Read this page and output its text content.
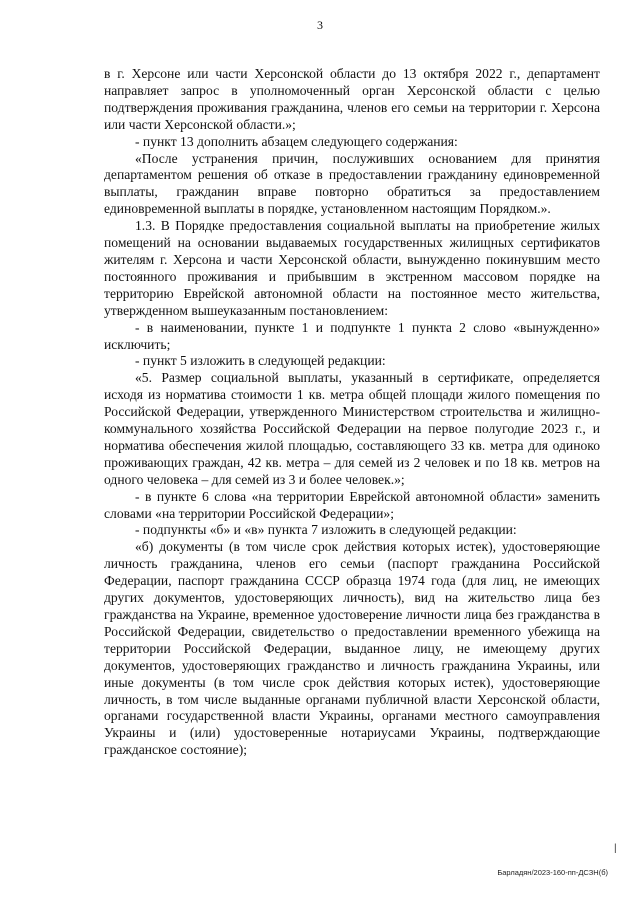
3

в г. Херсоне или части Херсонской области до 13 октября 2022 г., департамент направляет запрос в уполномоченный орган Херсонской области с целью подтверждения проживания гражданина, членов его семьи на территории г. Херсона или части Херсонской области.»;

- пункт 13 дополнить абзацем следующего содержания:

«После устранения причин, послуживших основанием для принятия департаментом решения об отказе в предоставлении гражданину единовременной выплаты, гражданин вправе повторно обратиться за предоставлением единовременной выплаты в порядке, установленном настоящим Порядком.».

1.3. В Порядке предоставления социальной выплаты на приобретение жилых помещений на основании выдаваемых государственных жилищных сертификатов жителям г. Херсона и части Херсонской области, вынужденно покинувшим место постоянного проживания и прибывшим в экстренном массовом порядке на территорию Еврейской автономной области на постоянное место жительства, утвержденном вышеуказанным постановлением:

- в наименовании, пункте 1 и подпункте 1 пункта 2 слово «вынужденно» исключить;

- пункт 5 изложить в следующей редакции:

«5. Размер социальной выплаты, указанный в сертификате, определяется исходя из норматива стоимости 1 кв. метра общей площади жилого помещения по Российской Федерации, утвержденного Министерством строительства и жилищно-коммунального хозяйства Российской Федерации на первое полугодие 2023 г., и норматива обеспечения жилой площадью, составляющего 33 кв. метра для одиноко проживающих граждан, 42 кв. метра – для семей из 2 человек и по 18 кв. метров на одного человека – для семей из 3 и более человек.»;

- в пункте 6 слова «на территории Еврейской автономной области» заменить словами «на территории Российской Федерации»;

- подпункты «б» и «в» пункта 7 изложить в следующей редакции:

«б) документы (в том числе срок действия которых истек), удостоверяющие личность гражданина, членов его семьи (паспорт гражданина Российской Федерации, паспорт гражданина СССР образца 1974 года (для лиц, не имеющих других документов, удостоверяющих личность), вид на жительство лица без гражданства на Украине, временное удостоверение личности лица без гражданства в Российской Федерации, свидетельство о предоставлении временного убежища на территории Российской Федерации, выданное лицу, не имеющему других документов, удостоверяющих гражданство и личность гражданина Украины, или иные документы (в том числе срок действия которых истек), удостоверяющие личность, в том числе выданные органами публичной власти Херсонской области, органами государственной власти Украины, органами местного самоуправления Украины и (или) удостоверенные нотариусами Украины, подтверждающие гражданское состояние);

|
Барладян/2023-160-пп-ДСЗН(б)
